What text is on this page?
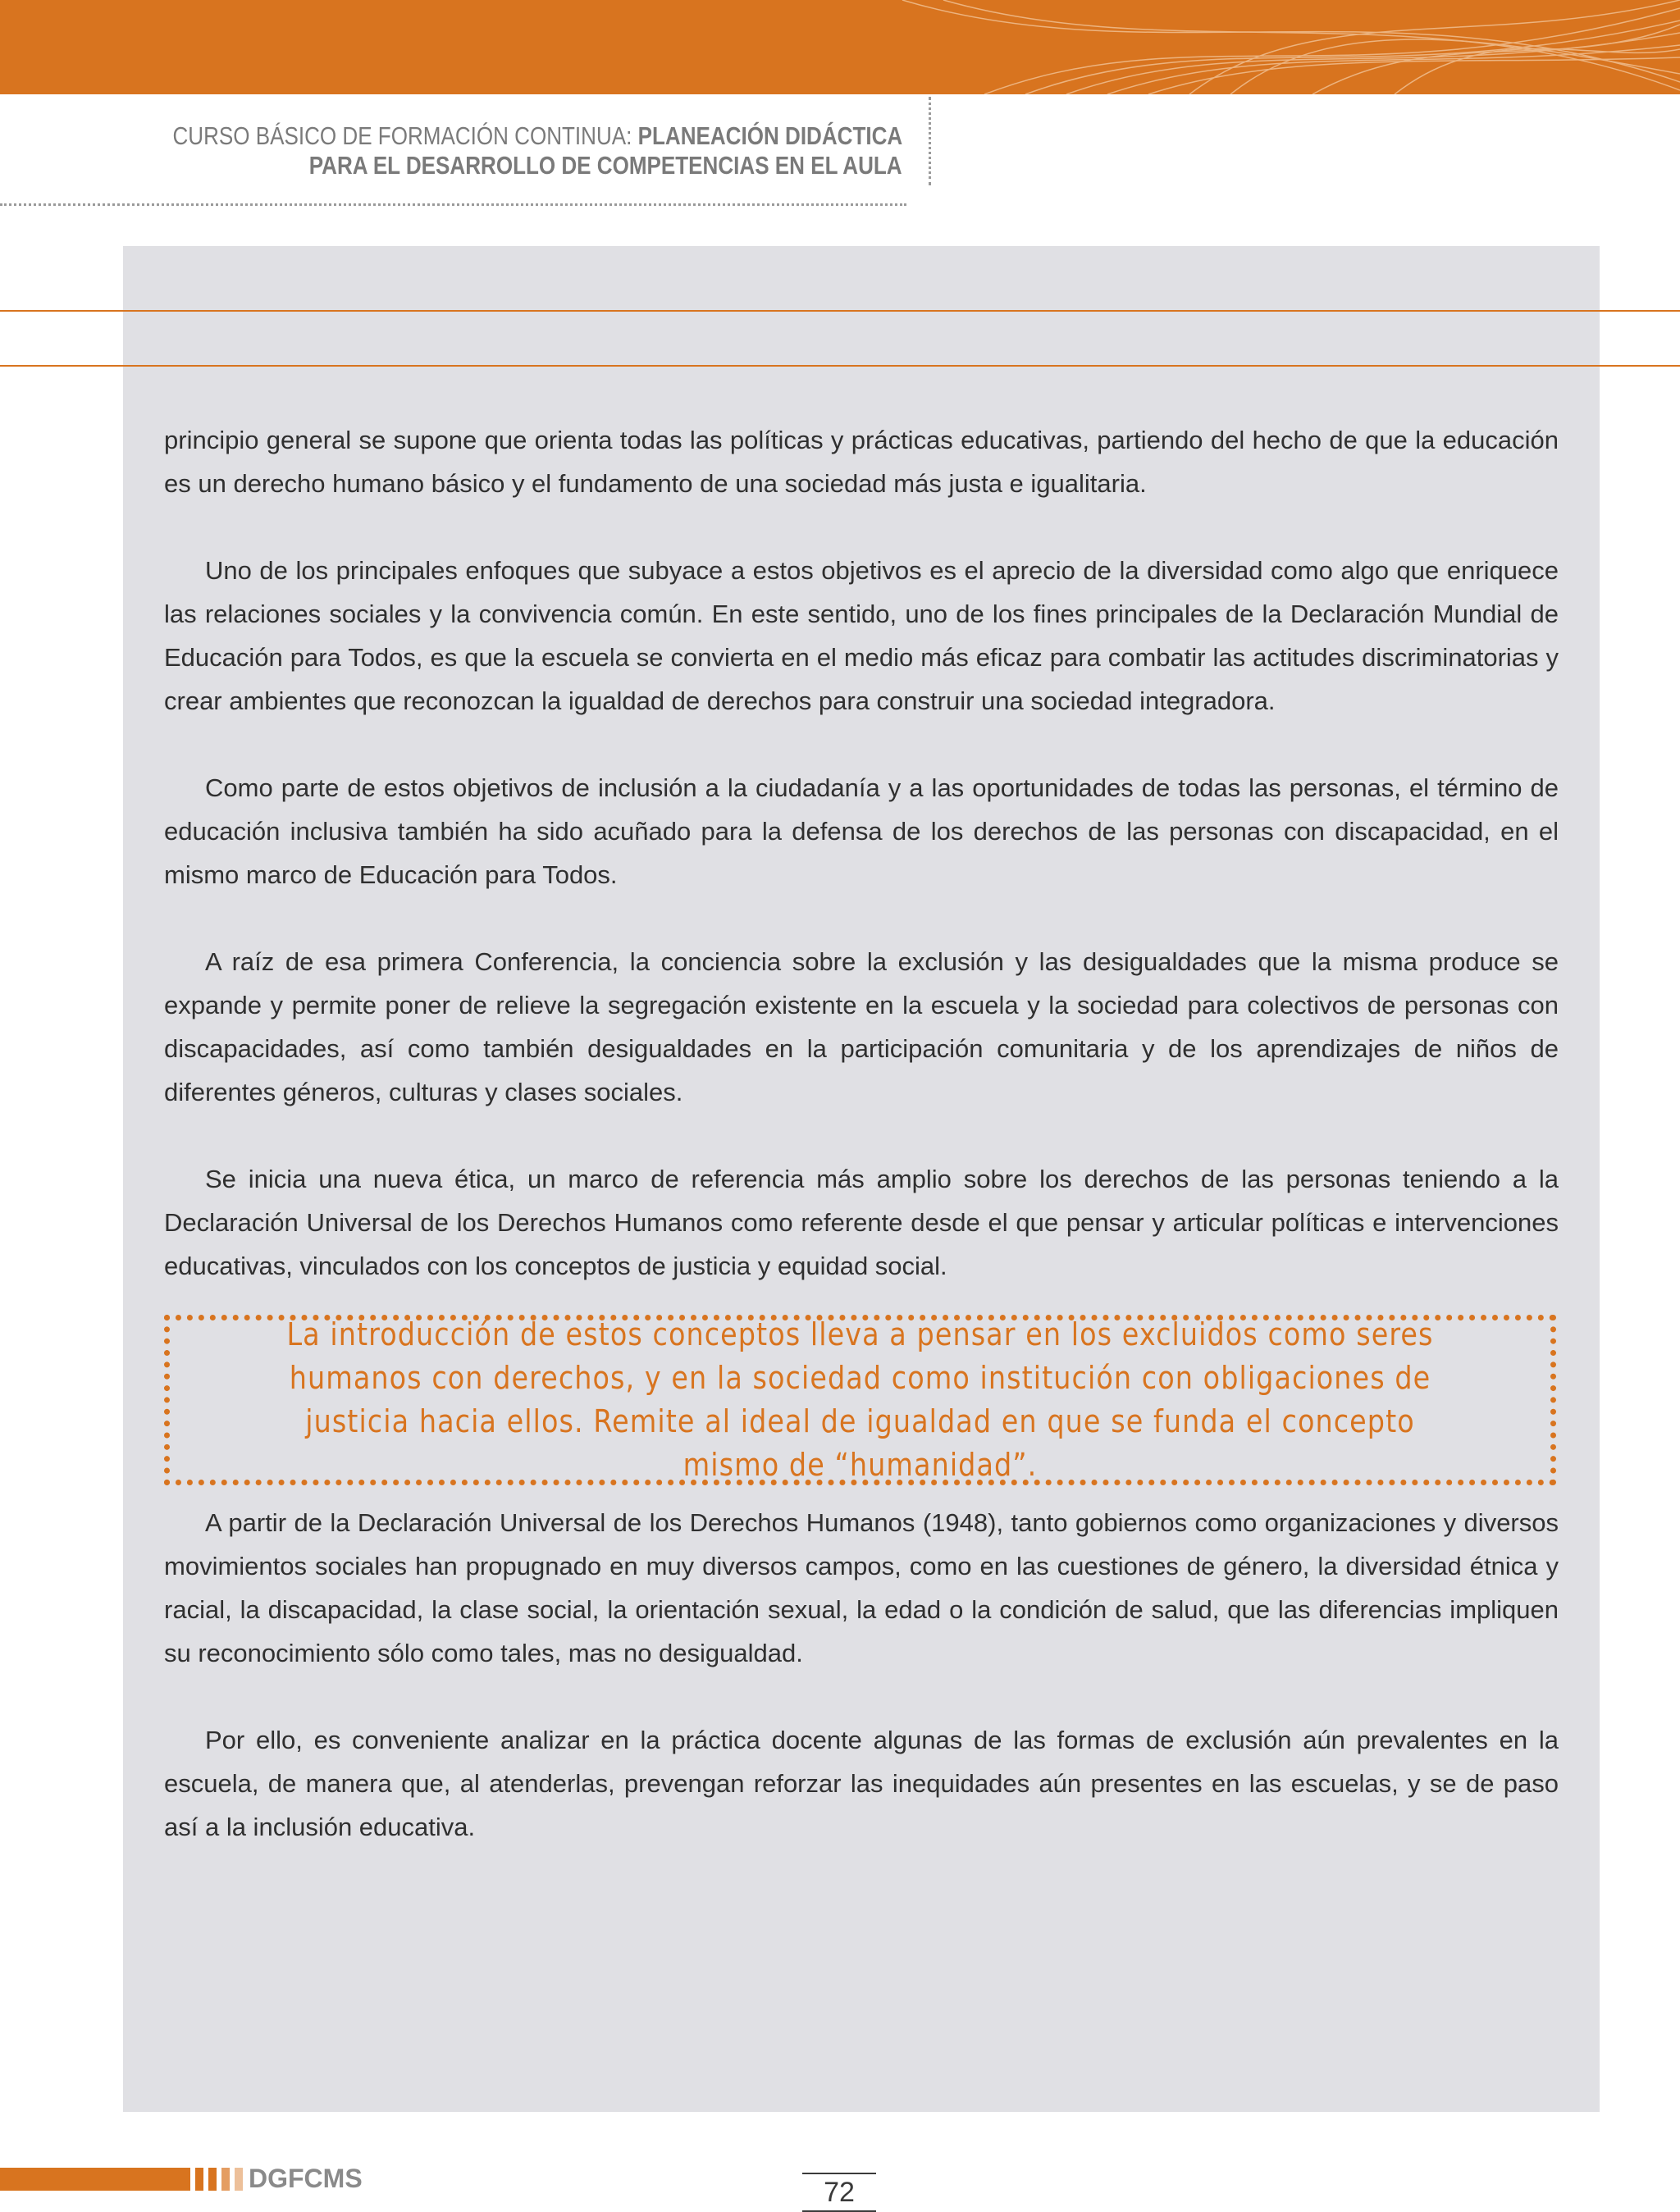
CURSO BÁSICO DE FORMACIÓN CONTINUA: PLANEACIÓN DIDÁCTICA
PARA EL DESARROLLO DE COMPETENCIAS EN EL AULA

principio general se supone que orienta todas las políticas y prácticas educativas, partiendo del hecho de que la educación es un derecho humano básico y el fundamento de una sociedad más justa e igualitaria.

Uno de los principales enfoques que subyace a estos objetivos es el aprecio de la diversidad como algo que enriquece las relaciones sociales y la convivencia común. En este sentido, uno de los fines principales de la Declaración Mundial de Educación para Todos, es que la escuela se convierta en el medio más eficaz para combatir las actitudes discriminatorias y crear ambientes que reconozcan la igualdad de derechos para construir una sociedad integradora.

Como parte de estos objetivos de inclusión a la ciudadanía y a las oportunidades de todas las personas, el término de educación inclusiva también ha sido acuñado para la defensa de los derechos de las personas con discapacidad, en el mismo marco de Educación para Todos.

A raíz de esa primera Conferencia, la conciencia sobre la exclusión y las desigualdades que la misma produce se expande y permite poner de relieve la segregación existente en la escuela y la sociedad para colectivos de personas con discapacidades, así como también desigualdades en la participación comunitaria y de los aprendizajes de niños de diferentes géneros, culturas y clases sociales.

Se inicia una nueva ética, un marco de referencia más amplio sobre los derechos de las personas teniendo a la Declaración Universal de los Derechos Humanos como referente desde el que pensar y articular políticas e intervenciones educativas, vinculados con los conceptos de justicia y equidad social.

La introducción de estos conceptos lleva a pensar en los excluidos como seres humanos con derechos, y en la sociedad como institución con obligaciones de justicia hacia ellos. Remite al ideal de igualdad en que se funda el concepto mismo de “humanidad”.

A partir de la Declaración Universal de los Derechos Humanos (1948), tanto gobiernos como organizaciones y diversos movimientos sociales han propugnado en muy diversos campos, como en las cuestiones de género, la diversidad étnica y racial, la discapacidad, la clase social, la orientación sexual, la edad o la condición de salud, que las diferencias impliquen su reconocimiento sólo como tales, mas no desigualdad.

Por ello, es conveniente analizar en la práctica docente algunas de las formas de exclusión aún prevalentes en la escuela, de manera que, al atenderlas, prevengan reforzar las inequidades aún presentes en las escuelas, y se de paso así a la inclusión educativa.

DGFCMS	72
